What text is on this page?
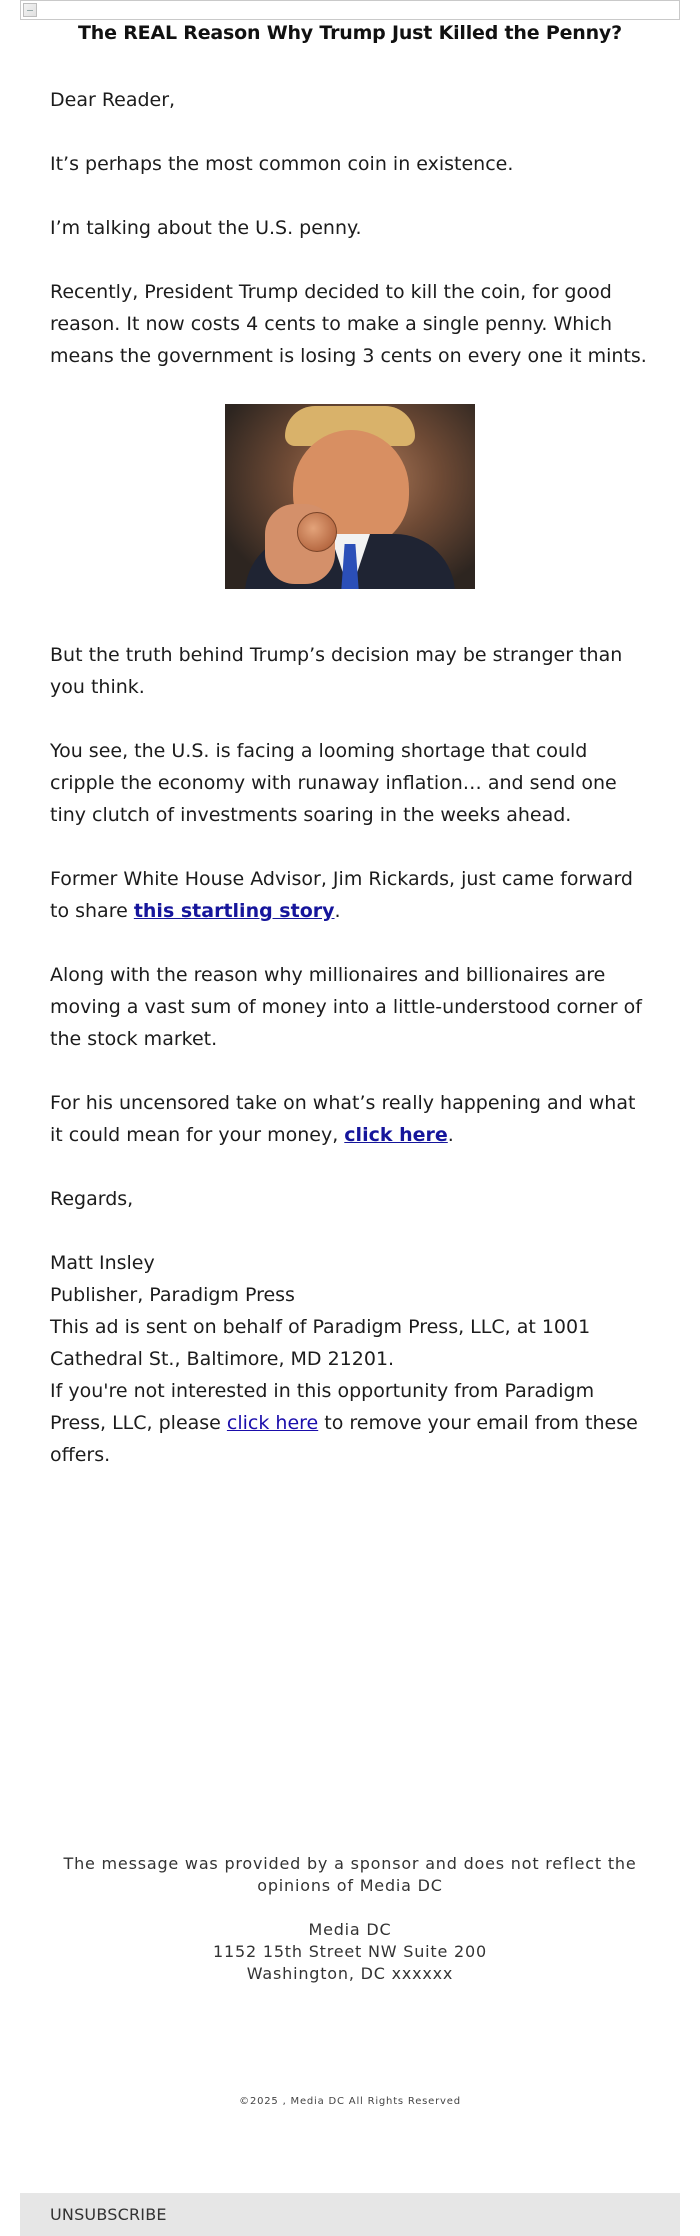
The REAL Reason Why Trump Just Killed the Penny?

Dear Reader,

It’s perhaps the most common coin in existence.

I’m talking about the U.S. penny.

Recently, President Trump decided to kill the coin, for good reason. It now costs 4 cents to make a single penny. Which means the government is losing 3 cents on every one it mints.

But the truth behind Trump’s decision may be stranger than you think.

You see, the U.S. is facing a looming shortage that could cripple the economy with runaway inflation… and send one tiny clutch of investments soaring in the weeks ahead.

Former White House Advisor, Jim Rickards, just came forward to share this startling story.

Along with the reason why millionaires and billionaires are moving a vast sum of money into a little-understood corner of the stock market.

For his uncensored take on what’s really happening and what it could mean for your money, click here.

Regards,

Matt Insley

Publisher, Paradigm Press

This ad is sent on behalf of Paradigm Press, LLC, at 1001 Cathedral St., Baltimore, MD 21201.

If you're not interested in this opportunity from Paradigm Press, LLC, please click here to remove your email from these offers.

The message was provided by a sponsor and does not reflect the opinions of Media DC
Media DC
1152 15th Street NW Suite 200
Washington, DC xxxxxx
©2025 , Media DC All Rights Reserved
UNSUBSCRIBE
